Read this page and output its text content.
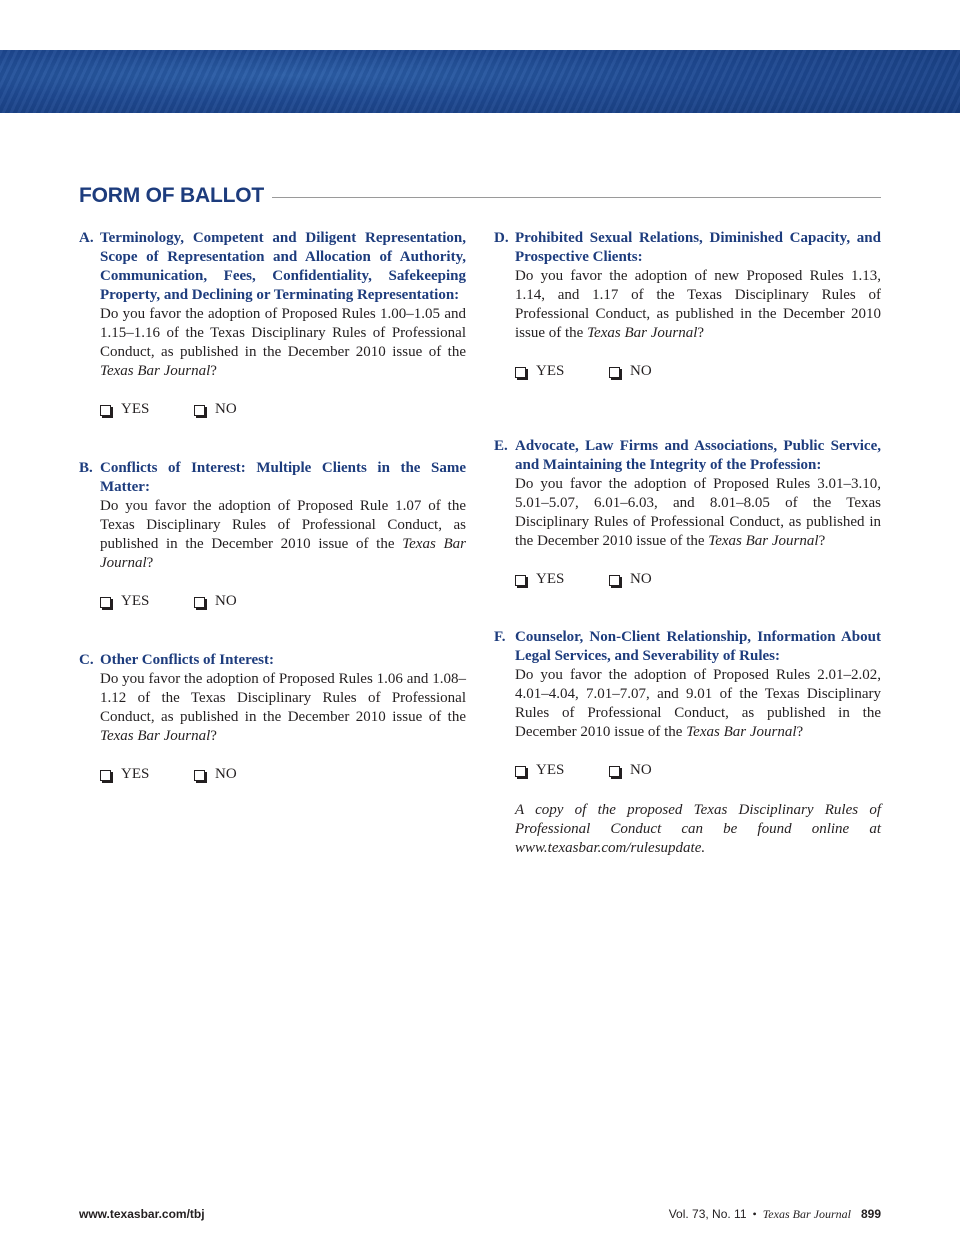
FORM OF BALLOT
A. Terminology, Competent and Diligent Representation, Scope of Representation and Allocation of Authority, Communication, Fees, Confidentiality, Safekeeping Property, and Declining or Terminating Representation:
Do you favor the adoption of Proposed Rules 1.00–1.05 and 1.15–1.16 of the Texas Disciplinary Rules of Professional Conduct, as published in the December 2010 issue of the Texas Bar Journal?
YES	NO
B. Conflicts of Interest: Multiple Clients in the Same Matter:
Do you favor the adoption of Proposed Rule 1.07 of the Texas Disciplinary Rules of Professional Conduct, as published in the December 2010 issue of the Texas Bar Journal?
YES	NO
C. Other Conflicts of Interest:
Do you favor the adoption of Proposed Rules 1.06 and 1.08–1.12 of the Texas Disciplinary Rules of Professional Conduct, as published in the December 2010 issue of the Texas Bar Journal?
YES	NO
D. Prohibited Sexual Relations, Diminished Capacity, and Prospective Clients:
Do you favor the adoption of new Proposed Rules 1.13, 1.14, and 1.17 of the Texas Disciplinary Rules of Professional Conduct, as published in the December 2010 issue of the Texas Bar Journal?
YES	NO
E. Advocate, Law Firms and Associations, Public Service, and Maintaining the Integrity of the Profession:
Do you favor the adoption of Proposed Rules 3.01–3.10, 5.01–5.07, 6.01–6.03, and 8.01–8.05 of the Texas Disciplinary Rules of Professional Conduct, as published in the December 2010 issue of the Texas Bar Journal?
YES	NO
F. Counselor, Non-Client Relationship, Information About Legal Services, and Severability of Rules:
Do you favor the adoption of Proposed Rules 2.01–2.02, 4.01–4.04, 7.01–7.07, and 9.01 of the Texas Disciplinary Rules of Professional Conduct, as published in the December 2010 issue of the Texas Bar Journal?
YES	NO
A copy of the proposed Texas Disciplinary Rules of Professional Conduct can be found online at www.texasbar.com/rulesupdate.
www.texasbar.com/tbj	Vol. 73, No. 11 • Texas Bar Journal 899
